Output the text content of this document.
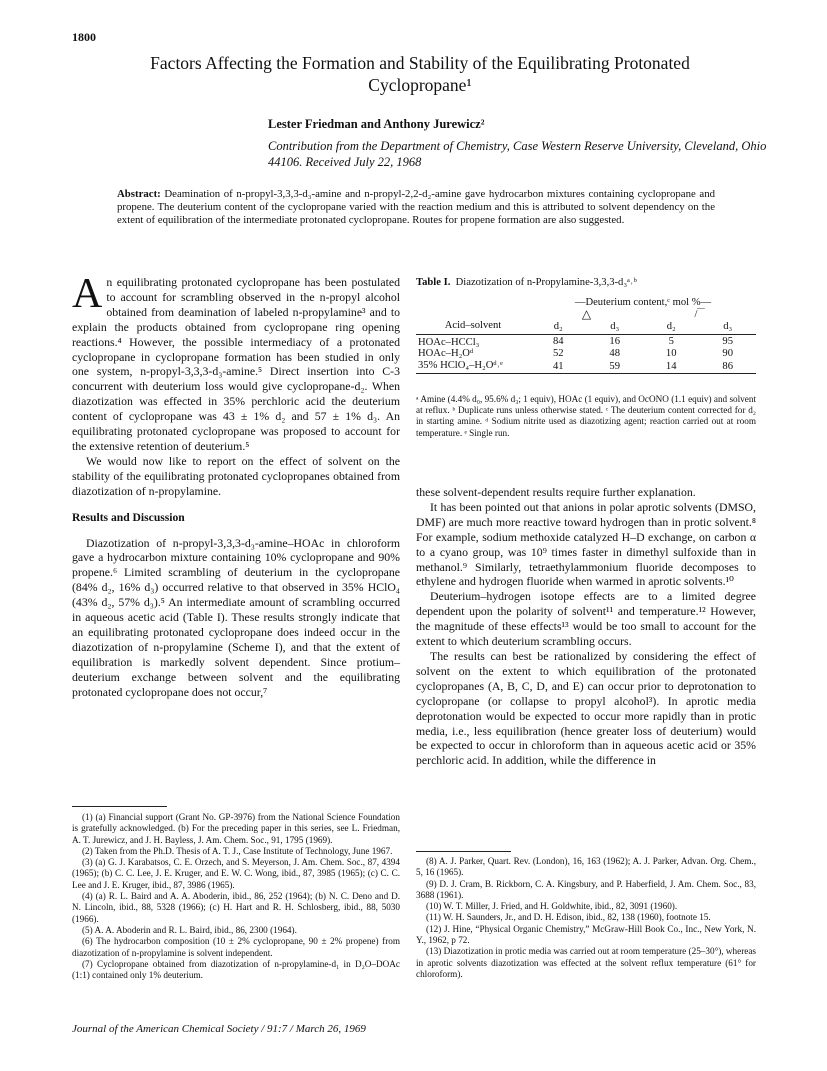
1800
Factors Affecting the Formation and Stability of the Equilibrating Protonated Cyclopropane¹
Lester Friedman and Anthony Jurewicz²
Contribution from the Department of Chemistry, Case Western Reserve University, Cleveland, Ohio 44106. Received July 22, 1968
Abstract: Deamination of n-propyl-3,3,3-d₃-amine and n-propyl-2,2-d₂-amine gave hydrocarbon mixtures containing cyclopropane and propene. The deuterium content of the cyclopropane varied with the reaction medium and this is attributed to solvent dependency on the extent of equilibration of the intermediate protonated cyclopropane. Routes for propene formation are also suggested.

An equilibrating protonated cyclopropane has been postulated to account for scrambling observed in the n-propyl alcohol obtained from deamination of labeled n-propylamine³ and to explain the products obtained from cyclopropane ring opening reactions.⁴ However, the possible intermediacy of a protonated cyclopropane in cyclopropane formation has been studied in only one system, n-propyl-3,3,3-d₃-amine.⁵ Direct insertion into C-3 concurrent with deuterium loss would give cyclopropane-d₂. When diazotization was effected in 35% perchloric acid the deuterium content of cyclopropane was 43 ± 1% d₂ and 57 ± 1% d₃. An equilibrating protonated cyclopropane was proposed to account for the extensive retention of deuterium.⁵

We would now like to report on the effect of solvent on the stability of the equilibrating protonated cyclopropanes obtained from diazotization of n-propylamine.

Results and Discussion

Diazotization of n-propyl-3,3,3-d₃-amine–HOAc in chloroform gave a hydrocarbon mixture containing 10% cyclopropane and 90% propene.⁶ Limited scrambling of deuterium in the cyclopropane (84% d₂, 16% d₃) occurred relative to that observed in 35% HClO₄ (43% d₂, 57% d₃).⁵ An intermediate amount of scrambling occurred in aqueous acetic acid (Table I). These results strongly indicate that an equilibrating protonated cyclopropane does indeed occur in the diazotization of n-propylamine (Scheme I), and that the extent of equilibration is markedly solvent dependent. Since protium–deuterium exchange between solvent and the equilibrating protonated cyclopropane does not occur,⁷

(1) (a) Financial support (Grant No. GP-3976) from the National Science Foundation is gratefully acknowledged. (b) For the preceding paper in this series, see L. Friedman, A. T. Jurewicz, and J. H. Bayless, J. Am. Chem. Soc., 91, 1795 (1969).

(2) Taken from the Ph.D. Thesis of A. T. J., Case Institute of Technology, June 1967.

(3) (a) G. J. Karabatsos, C. E. Orzech, and S. Meyerson, J. Am. Chem. Soc., 87, 4394 (1965); (b) C. C. Lee, J. E. Kruger, and E. W. C. Wong, ibid., 87, 3985 (1965); (c) C. C. Lee and J. E. Kruger, ibid., 87, 3986 (1965).

(4) (a) R. L. Baird and A. A. Aboderin, ibid., 86, 252 (1964); (b) N. C. Deno and D. N. Lincoln, ibid., 88, 5328 (1966); (c) H. Hart and R. H. Schlosberg, ibid., 88, 5030 (1966).

(5) A. A. Aboderin and R. L. Baird, ibid., 86, 2300 (1964).

(6) The hydrocarbon composition (10 ± 2% cyclopropane, 90 ± 2% propene) from diazotization of n-propylamine is solvent independent.

(7) Cyclopropane obtained from diazotization of n-propylamine-d₁ in D₂O–DOAc (1:1) contained only 1% deuterium.

Table I. Diazotization of n-Propylamine-3,3,3-d₃ᵃ˒ᵇ
	—Deuterium content,ᶜ mol %—			
	△		/‾‾	
Acid–solvent	d₂	d₃	d₂	d₃
HOAc–HCCl₃	84	16	5	95
HOAc–H₂Oᵈ	52	48	10	90
35% HClO₄–H₂Oᵈ˒ᵉ	41	59	14	86
ᵃ Amine (4.4% d₀, 95.6% d₃; 1 equiv), HOAc (1 equiv), and OcONO (1.1 equiv) and solvent at reflux. ᵇ Duplicate runs unless otherwise stated. ᶜ The deuterium content corrected for d₂ in starting amine. ᵈ Sodium nitrite used as diazotizing agent; reaction carried out at room temperature. ᵉ Single run.

these solvent-dependent results require further explanation.

It has been pointed out that anions in polar aprotic solvents (DMSO, DMF) are much more reactive toward hydrogen than in protic solvent.⁸ For example, sodium methoxide catalyzed H–D exchange, on carbon α to a cyano group, was 10⁹ times faster in dimethyl sulfoxide than in methanol.⁹ Similarly, tetraethylammonium fluoride decomposes to ethylene and hydrogen fluoride when warmed in aprotic solvents.¹⁰

Deuterium–hydrogen isotope effects are to a limited degree dependent upon the polarity of solvent¹¹ and temperature.¹² However, the magnitude of these effects¹³ would be too small to account for the extent to which deuterium scrambling occurs.

The results can best be rationalized by considering the effect of solvent on the extent to which equilibration of the protonated cyclopropanes (A, B, C, D, and E) can occur prior to deprotonation to cyclopropane (or collapse to propyl alcohol³). In aprotic media deprotonation would be expected to occur more rapidly than in protic media, i.e., less equilibration (hence greater loss of deuterium) would be expected to occur in chloroform than in aqueous acetic acid or 35% perchloric acid. In addition, while the difference in

(8) A. J. Parker, Quart. Rev. (London), 16, 163 (1962); A. J. Parker, Advan. Org. Chem., 5, 16 (1965).

(9) D. J. Cram, B. Rickborn, C. A. Kingsbury, and P. Haberfield, J. Am. Chem. Soc., 83, 3688 (1961).

(10) W. T. Miller, J. Fried, and H. Goldwhite, ibid., 82, 3091 (1960).

(11) W. H. Saunders, Jr., and D. H. Edison, ibid., 82, 138 (1960), footnote 15.

(12) J. Hine, “Physical Organic Chemistry,” McGraw-Hill Book Co., Inc., New York, N. Y., 1962, p 72.

(13) Diazotization in protic media was carried out at room temperature (25–30°), whereas in aprotic solvents diazotization was effected at the solvent reflux temperature (61° for chloroform).

Journal of the American Chemical Society / 91:7 / March 26, 1969
